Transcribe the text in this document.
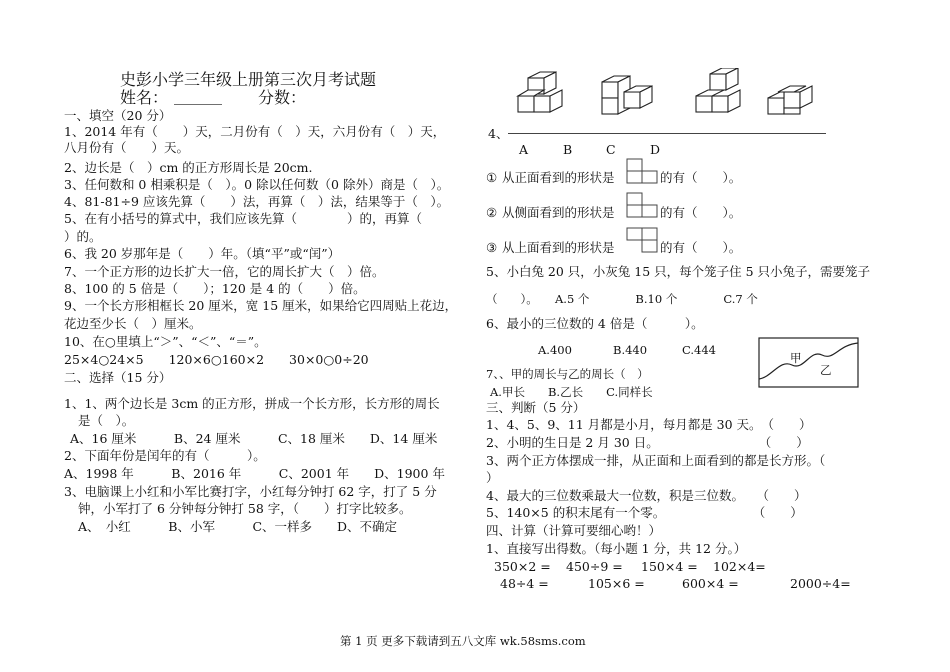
史彭小学三年级上册第三次月考试题
姓名： ______ 分数：
一、填空（20 分）
1、2014 年有（　　）天，二月份有（　）天，六月份有（　）天，
八月份有（　　）天。
2、边长是（　）cm 的正方形周长是 20cm.
3、任何数和 0 相乘积是（　）。0 除以任何数（0 除外）商是（　）。
4、81-81÷9 应该先算（　　）法，再算（　）法，结果等于（　）。
5、在有小括号的算式中，我们应该先算（　　　　）的，再算（
）的。
6、我 20 岁那年是（　　）年。（填“平”或“闰”）
7、一个正方形的边长扩大一倍，它的周长扩大（　）倍。
8、100 的 5 倍是（　　）；120 是 4 的（　　）倍。
9、一个长方形相框长 20 厘米，宽 15 厘米，如果给它四周贴上花边，
花边至少长（　）厘米。
10、在○里填上“＞”、“＜”、“＝”。
25×4○24×5　　120×6○160×2　　30×0○0÷20
二、选择（15 分）
1、1、两个边长是 3cm 的正方形，拼成一个长方形，长方形的周长
是（　）。
A、16 厘米　　　B、24 厘米　　　C、18 厘米　　D、14 厘米
2、下面年份是闰年的有（　　　）。
A、1998 年　　　B、2016 年　　　C、2001 年　　D、1900 年
3、电脑课上小红和小军比赛打字，小红每分钟打 62 字，打了 5 分
钟，小军打了 6 分钟每分钟打 58 字，（　　）打字比较多。
A、　小红　　　B、小军　　　C、一样多　　D、不确定
4、
A	B	C	D
① 从正面看到的形状是	的有（　　）。
② 从侧面看到的形状是	的有（　　）。
③ 从上面看到的形状是	的有（　　）。
5、小白兔 20 只，小灰兔 15 只，每个笼子住 5 只小兔子，需要笼子
（　　）。　　A.5 个　　　　B.10 个　　　　C.7 个
6、最小的三位数的 4 倍是（　　　）。
A.400	B.440	C.444
甲
乙
7、、甲的周长与乙的周长（　）
A.甲长　　B.乙长　　C.同样长
三、判断（5 分）
1、4、5、9、11 月都是小月，每月都是 30 天。　（　　）
2、小明的生日是 2 月 30 日。　　　　　　　　　（　　）
3、两个正方体摆成一排，从正面和上面看到的都是长方形。（
）
4、最大的三位数乘最大一位数，积是三位数。　　（　　）
5、140×5 的积末尾有一个零。　　　　　　　　（　　）
四、计算（计算可要细心哟！）
1、直接写出得数。（每小题 1 分，共 12 分。）
350×2 = 450÷9 = 150×4 = 102×4=
48÷4 =	105×6 =	600×4 =	2000÷4=
第 1 页 更多下载请到五八文库 wk.58sms.com
